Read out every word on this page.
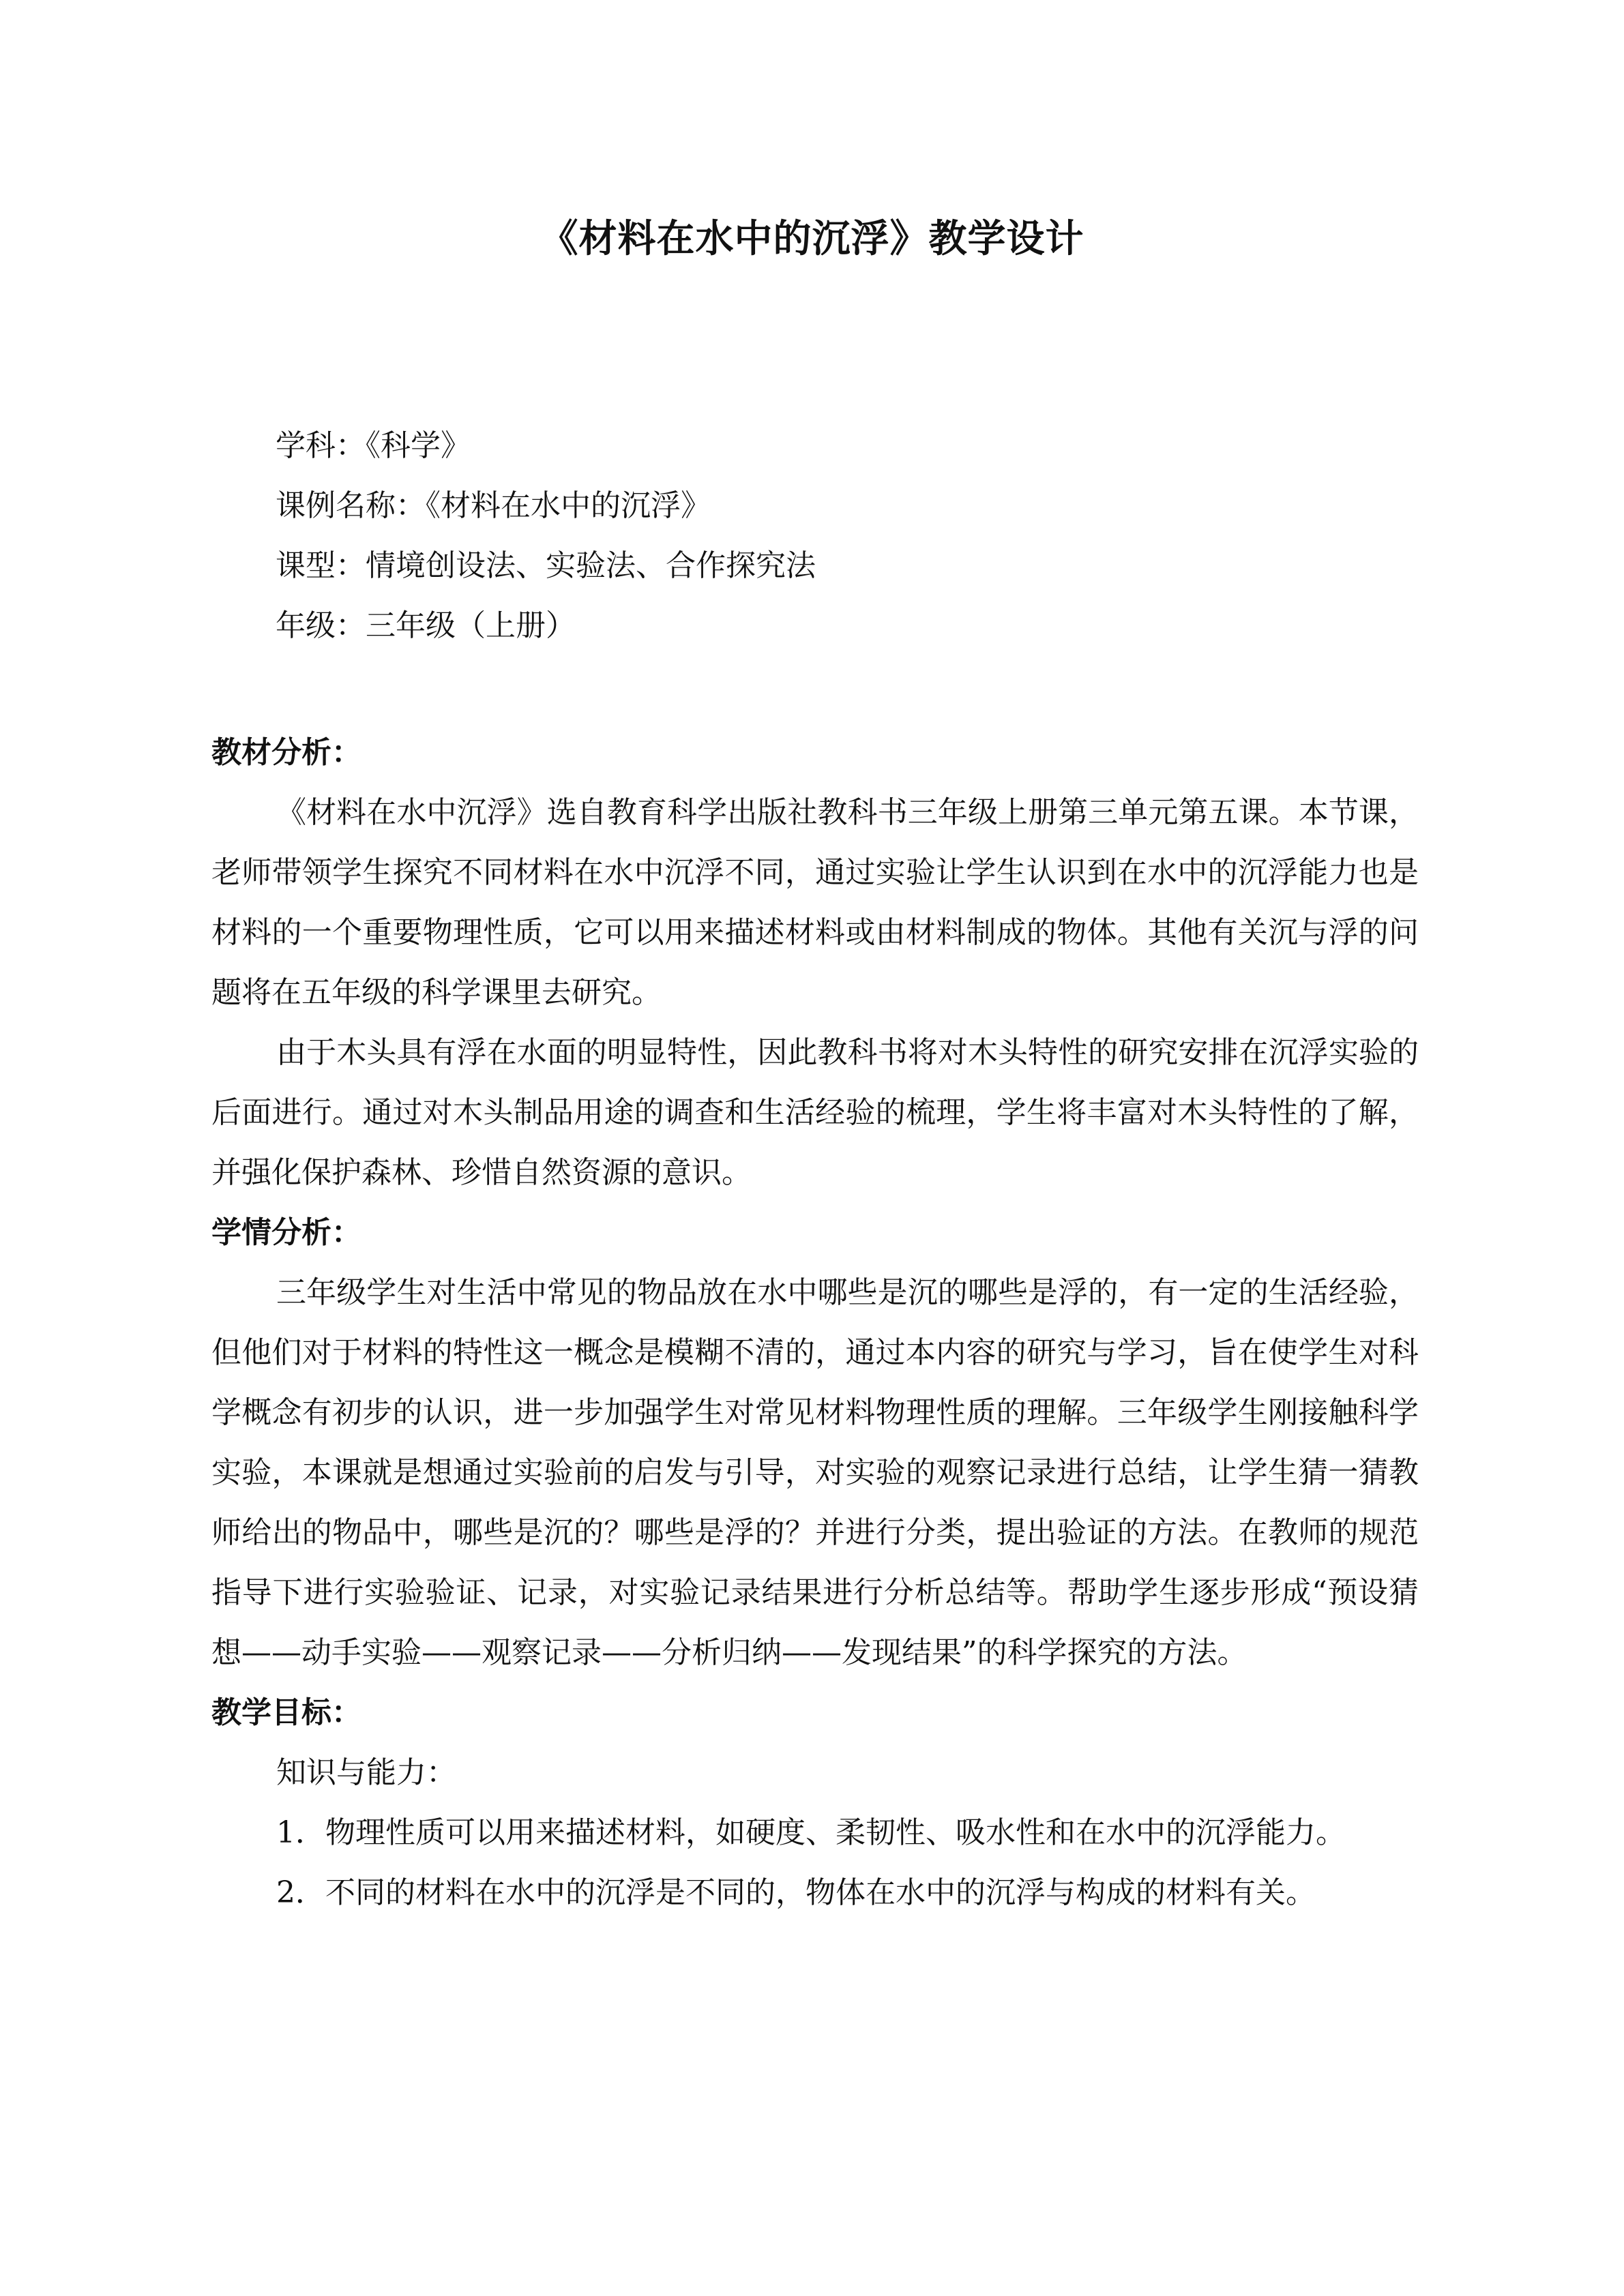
《材料在水中的沉浮》教学设计
学科：《科学》
课例名称：《材料在水中的沉浮》
课型：情境创设法、实验法、合作探究法
年级：三年级（上册）
教材分析：

《材料在水中沉浮》选自教育科学出版社教科书三年级上册第三单元第五课。本节课，老师带领学生探究不同材料在水中沉浮不同，通过实验让学生认识到在水中的沉浮能力也是材料的一个重要物理性质，它可以用来描述材料或由材料制成的物体。其他有关沉与浮的问题将在五年级的科学课里去研究。

由于木头具有浮在水面的明显特性，因此教科书将对木头特性的研究安排在沉浮实验的后面进行。通过对木头制品用途的调查和生活经验的梳理，学生将丰富对木头特性的了解，并强化保护森林、珍惜自然资源的意识。

学情分析：

三年级学生对生活中常见的物品放在水中哪些是沉的哪些是浮的，有一定的生活经验，但他们对于材料的特性这一概念是模糊不清的，通过本内容的研究与学习，旨在使学生对科学概念有初步的认识，进一步加强学生对常见材料物理性质的理解。三年级学生刚接触科学实验，本课就是想通过实验前的启发与引导，对实验的观察记录进行总结，让学生猜一猜教师给出的物品中，哪些是沉的？哪些是浮的？并进行分类，提出验证的方法。在教师的规范指导下进行实验验证、记录，对实验记录结果进行分析总结等。帮助学生逐步形成“预设猜想——动手实验——观察记录——分析归纳——发现结果”的科学探究的方法。

教学目标：
知识与能力：

1．物理性质可以用来描述材料，如硬度、柔韧性、吸水性和在水中的沉浮能力。

2．不同的材料在水中的沉浮是不同的，物体在水中的沉浮与构成的材料有关。
